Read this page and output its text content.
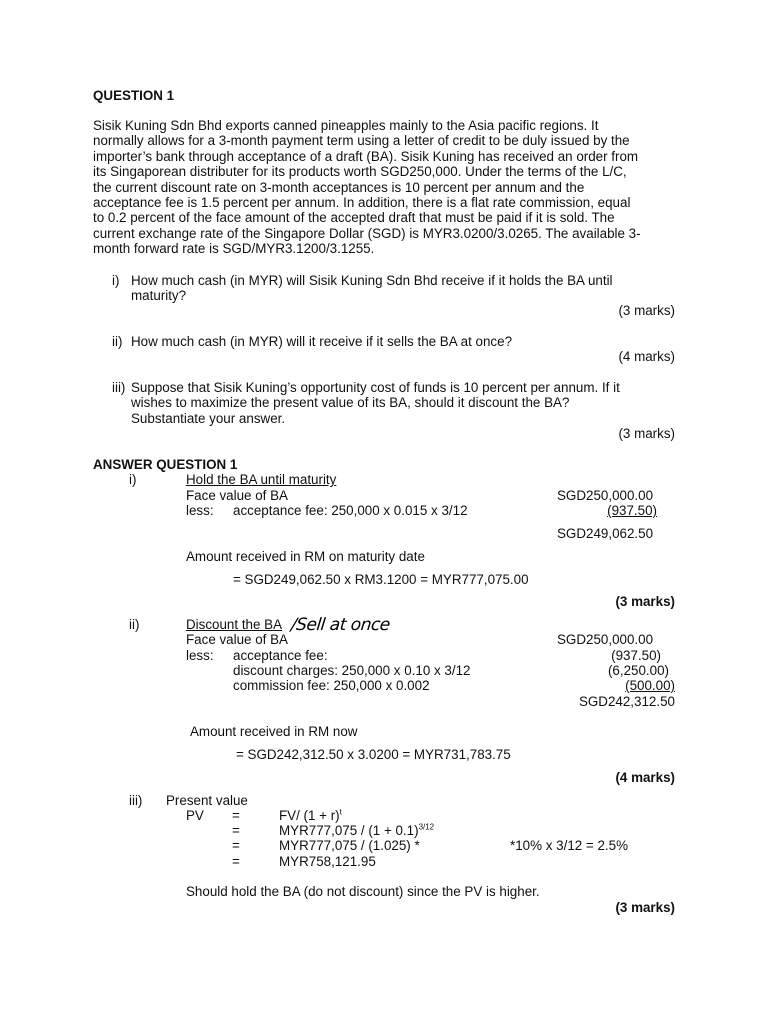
QUESTION 1
Sisik Kuning Sdn Bhd exports canned pineapples mainly to the Asia pacific regions. It
normally allows for a 3-month payment term using a letter of credit to be duly issued by the
importer’s bank through acceptance of a draft (BA). Sisik Kuning has received an order from
its Singaporean distributer for its products worth SGD250,000. Under the terms of the L/C,
the current discount rate on 3-month acceptances is 10 percent per annum and the
acceptance fee is 1.5 percent per annum. In addition, there is a flat rate commission, equal
to 0.2 percent of the face amount of the accepted draft that must be paid if it is sold. The
current exchange rate of the Singapore Dollar (SGD) is MYR3.0200/3.0265. The available 3-
month forward rate is SGD/MYR3.1200/3.1255.
i) How much cash (in MYR) will Sisik Kuning Sdn Bhd receive if it holds the BA until
maturity?
(3 marks)
ii) How much cash (in MYR) will it receive if it sells the BA at once?
(4 marks)
iii) Suppose that Sisik Kuning’s opportunity cost of funds is 10 percent per annum. If it
wishes to maximize the present value of its BA, should it discount the BA?
Substantiate your answer.
(3 marks)
ANSWER QUESTION 1
i)	Hold the BA until maturity
Face value of BA	SGD250,000.00
less: acceptance fee: 250,000 x 0.015 x 3/12	(937.50)
SGD249,062.50
Amount received in RM on maturity date
= SGD249,062.50 x RM3.1200 = MYR777,075.00
(3 marks)
ii)	Discount the BA /Sell at once
Face value of BA	SGD250,000.00
less: acceptance fee:	(937.50)
discount charges: 250,000 x 0.10 x 3/12	(6,250.00)
commission fee: 250,000 x 0.002	(500.00)
SGD242,312.50
Amount received in RM now
= SGD242,312.50 x 3.0200 = MYR731,783.75
(4 marks)
iii) Present value
PV =	FV/ $(1 + r)^t$
=	$MYR777,075 / (1 + 0.1)^{3/12}$
=	MYR777,075 / (1.025) *	*10% x 3/12 = 2.5%
=	MYR758,121.95
Should hold the BA (do not discount) since the PV is higher.
(3 marks)
